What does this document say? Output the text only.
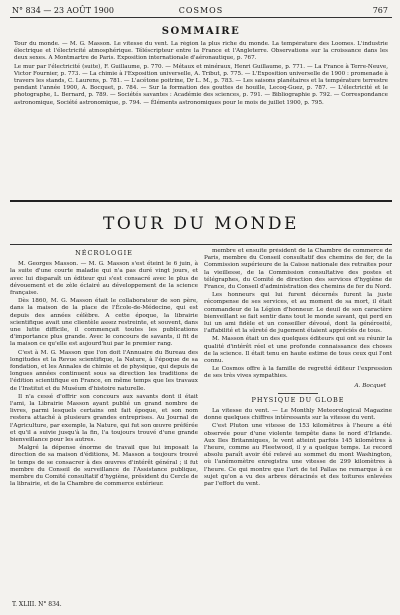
N° 834 — 23 AOÛT 1900	COSMOS	767
SOMMAIRE

Tour du monde. — M. G. Masson. Le vitesse du vent. La région la plus riche du monde. La température des Loomes. L'industrie électrique et l'électricité atmosphérique. Téléscripteur entre la France et l'Angleterre. Observations sur la croissance dans les deux sexes. A Montmartre de Paris. Exposition internationale d'aéronautique, p. 767.

Le mur par l'électricité (suite), F. Guillaume, p. 770. — Métaux et minéraux, Henri Guillaume, p. 771. — La France à Terre-Neuve, Victor Fournier, p. 773. — La chimie à l'Exposition universelle, A. Tribut, p. 775. — L'Exposition universelle de 1900 : promenade à travers les stands, C. Laurens, p. 781. — L'acétone poitrine, Dr L. M., p. 783. — Les saisons planétaires et la température terrestre pendant l'année 1900, A. Bocquet, p. 784. — Sur la formation des gouttes de houille, Lecoq-Guez, p. 787. — L'électricité et le photographe, L. Bernard, p. 789. — Sociétés savantes : Académie des sciences, p. 791. — Bibliographie p. 792. — Correspondance astronomique, Société astronomique, p. 794. — Éléments astronomiques pour le mois de juillet 1900, p. 795.

TOUR DU MONDE

NÉCROLOGIE

M. Georges Masson. — M. G. Masson s'est éteint le 6 juin, à la suite d'une courte maladie qui n'a pas duré vingt jours, et avec lui disparaît un éditeur qui s'est consacré avec le plus de dévouement et de zèle éclairé au développement de la science française.

Dès 1860, M. G. Masson était le collaborateur de son père, dans la maison de la place de l'École-de-Médecine, qui est depuis des années célèbre. A cette époque, la librairie scientifique avait une clientèle assez restreinte, et souvent, dans une lutte difficile, il commençait toutes les publications d'importance plus grande. Avec le concours de savants, il fit de la maison ce qu'elle est aujourd'hui par le premier rang.

C'est à M. G. Masson que l'on doit l'Annuaire du Bureau des longitudes et la Revue scientifique, la Nature, à l'époque de sa fondation, et les Annales de chimie et de physique, qui depuis de longues années continuent sous sa direction les traditions de l'édition scientifique en France, en même temps que les travaux de l'Institut et du Muséum d'histoire naturelle.

Il n'a cessé d'offrir son concours aux savants dont il était l'ami, la Librairie Masson ayant publié un grand nombre de livres, parmi lesquels certains ont fait époque, et son nom restera attaché à plusieurs grandes entreprises. Au Journal de l'Agriculture, par exemple, la Nature, qui fut son œuvre préférée et qu'il a suivie jusqu'à la fin, l'a toujours trouvé d'une grande bienveillance pour les autres.

Malgré la dépense énorme de travail que lui imposait la direction de sa maison d'éditions, M. Masson a toujours trouvé le temps de se consacrer à des œuvres d'intérêt général ; il fut membre du Conseil de surveillance de l'Assistance publique, membre du Comité consultatif d'hygiène, président du Cercle de la librairie, et de la Chambre de commerce extérieur.

membre et ensuite président de la Chambre de commerce de Paris, membre du Conseil consultatif des chemins de fer, de la Commission supérieure de la Caisse nationale des retraites pour la vieillesse, de la Commission consultative des postes et télégraphes, du Comité de direction des services d'hygiène de France, du Conseil d'administration des chemins de fer du Nord.

Les honneurs qui lui furent décernés furent la juste récompense de ses services, et au moment de sa mort, il était commandeur de la Légion d'honneur. Le deuil de son caractère bienveillant se fait sentir dans tout le monde savant, qui perd en lui un ami fidèle et un conseiller dévoué, dont la générosité, l'affabilité et la sûreté de jugement étaient appréciés de tous.

M. Masson était un des quelques éditeurs qui ont su réunir la qualité d'intérêt réel et une profonde connaissance des choses de la science. Il était tenu en haute estime de tous ceux qui l'ont connu.

Le Cosmos offre à la famille de regretté éditeur l'expression de ses très vives sympathies.

A. Bocquet

PHYSIQUE DU GLOBE

La vitesse du vent. — Le Monthly Meteorological Magazine donne quelques chiffres intéressants sur la vitesse du vent.

C'est Pluton une vitesse de 153 kilomètres à l'heure a été observée pour d'une violente tempête dans le nord d'Irlande. Aux Iles Britanniques, le vent atteint parfois 145 kilomètres à l'heure, comme au Fleetwood, il y a quelque temps. Le record absolu paraît avoir été relevé au sommet du mont Washington, où l'anémomètre enregistra une vitesse de 299 kilomètres à l'heure. Ce qui montre que l'art de tel Pallas ne remarque à ce sujet qu'on a vu des arbres déracinés et des toitures enlevées par l'effort du vent.

T. XLIII. N° 834.
